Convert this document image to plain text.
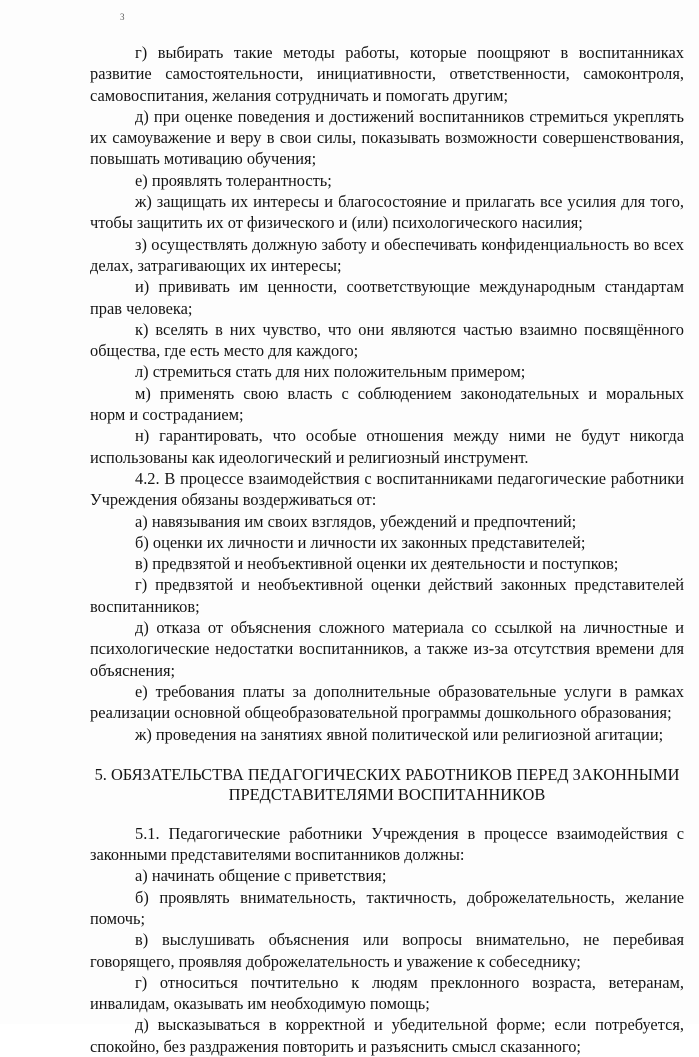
3

г) выбирать такие методы работы, которые поощряют в воспитанниках развитие самостоятельности, инициативности, ответственности, самоконтроля, самовоспитания, желания сотрудничать и помогать другим;

д) при оценке поведения и достижений воспитанников стремиться укреплять их самоуважение и веру в свои силы, показывать возможности совершенствования, повышать мотивацию обучения;

е) проявлять толерантность;

ж) защищать их интересы и благосостояние и прилагать все усилия для того, чтобы защитить их от физического и (или) психологического насилия;

з) осуществлять должную заботу и обеспечивать конфиденциальность во всех делах, затрагивающих их интересы;

и) прививать им ценности, соответствующие международным стандартам прав человека;

к) вселять в них чувство, что они являются частью взаимно посвящённого общества, где есть место для каждого;

л) стремиться стать для них положительным примером;

м) применять свою власть с соблюдением законодательных и моральных норм и состраданием;

н) гарантировать, что особые отношения между ними не будут никогда использованы как идеологический и религиозный инструмент.

4.2. В процессе взаимодействия с воспитанниками педагогические работники Учреждения обязаны воздерживаться от:

а) навязывания им своих взглядов, убеждений и предпочтений;

б) оценки их личности и личности их законных представителей;

в) предвзятой и необъективной оценки их деятельности и поступков;

г) предвзятой и необъективной оценки действий законных представителей воспитанников;

д) отказа от объяснения сложного материала со ссылкой на личностные и психологические недостатки воспитанников, а также из-за отсутствия времени для объяснения;

е) требования платы за дополнительные образовательные услуги в рамках реализации основной общеобразовательной программы дошкольного образования;

ж) проведения на занятиях явной политической или религиозной агитации;

5. ОБЯЗАТЕЛЬСТВА ПЕДАГОГИЧЕСКИХ РАБОТНИКОВ ПЕРЕД ЗАКОННЫМИ

ПРЕДСТАВИТЕЛЯМИ ВОСПИТАННИКОВ

5.1. Педагогические работники Учреждения в процессе взаимодействия с законными представителями воспитанников должны:

а) начинать общение с приветствия;

б) проявлять внимательность, тактичность, доброжелательность, желание помочь;

в) выслушивать объяснения или вопросы внимательно, не перебивая говорящего, проявляя доброжелательность и уважение к собеседнику;

г) относиться почтительно к людям преклонного возраста, ветеранам, инвалидам, оказывать им необходимую помощь;

д) высказываться в корректной и убедительной форме; если потребуется, спокойно, без раздражения повторить и разъяснить смысл сказанного;
